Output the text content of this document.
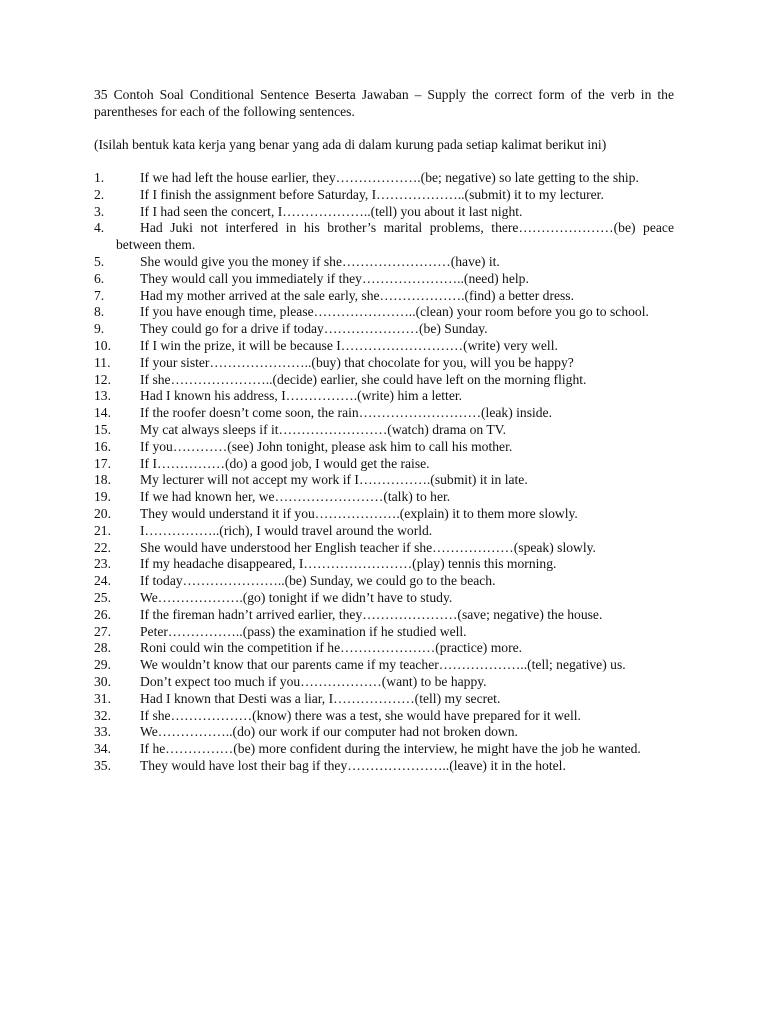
35 Contoh Soal Conditional Sentence Beserta Jawaban – Supply the correct form of the verb in the parentheses for each of the following sentences.

(Isilah bentuk kata kerja yang benar yang ada di dalam kurung pada setiap kalimat berikut ini)

1.	If we had left the house earlier, they……………….(be; negative) so late getting to the ship.
2.	If I finish the assignment before Saturday, I………………..(submit) it to my lecturer.
3.	If I had seen the concert, I………………..(tell) you about it last night.
4.	Had Juki not interfered in his brother’s marital problems, there…………………(be) peace between them.
5.	She would give you the money if she……………………(have) it.
6.	They would call you immediately if they…………………..(need) help.
7.	Had my mother arrived at the sale early, she……………….(find) a better dress.
8.	If you have enough time, please…………………..(clean) your room before you go to school.
9.	They could go for a drive if today…………………(be) Sunday.
10. If I win the prize, it will be because I………………………(write) very well.
11. If your sister…………………..(buy) that chocolate for you, will you be happy?
12. If she…………………..(decide) earlier, she could have left on the morning flight.
13. Had I known his address, I…………….(write) him a letter.
14. If the roofer doesn’t come soon, the rain………………………(leak) inside.
15. My cat always sleeps if it……………………(watch) drama on TV.
16. If you…………(see) John tonight, please ask him to call his mother.
17. If I……………(do) a good job, I would get the raise.
18. My lecturer will not accept my work if I…………….(submit) it in late.
19. If we had known her, we……………………(talk) to her.
20. They would understand it if you……………….(explain) it to them more slowly.
21. I……………..(rich), I would travel around the world.
22. She would have understood her English teacher if she………………(speak) slowly.
23. If my headache disappeared, I……………………(play) tennis this morning.
24. If today…………………..(be) Sunday, we could go to the beach.
25. We……………….(go) tonight if we didn’t have to study.
26. If the fireman hadn’t arrived earlier, they…………………(save; negative) the house.
27. Peter……………..(pass) the examination if he studied well.
28. Roni could win the competition if he…………………(practice) more.
29. We wouldn’t know that our parents came if my teacher………………..(tell; negative) us.
30. Don’t expect too much if you………………(want) to be happy.
31. Had I known that Desti was a liar, I………………(tell) my secret.
32. If she………………(know) there was a test, she would have prepared for it well.
33. We……………..(do) our work if our computer had not broken down.
34. If he……………(be) more confident during the interview, he might have the job he wanted.
35. They would have lost their bag if they…………………..(leave) it in the hotel.
